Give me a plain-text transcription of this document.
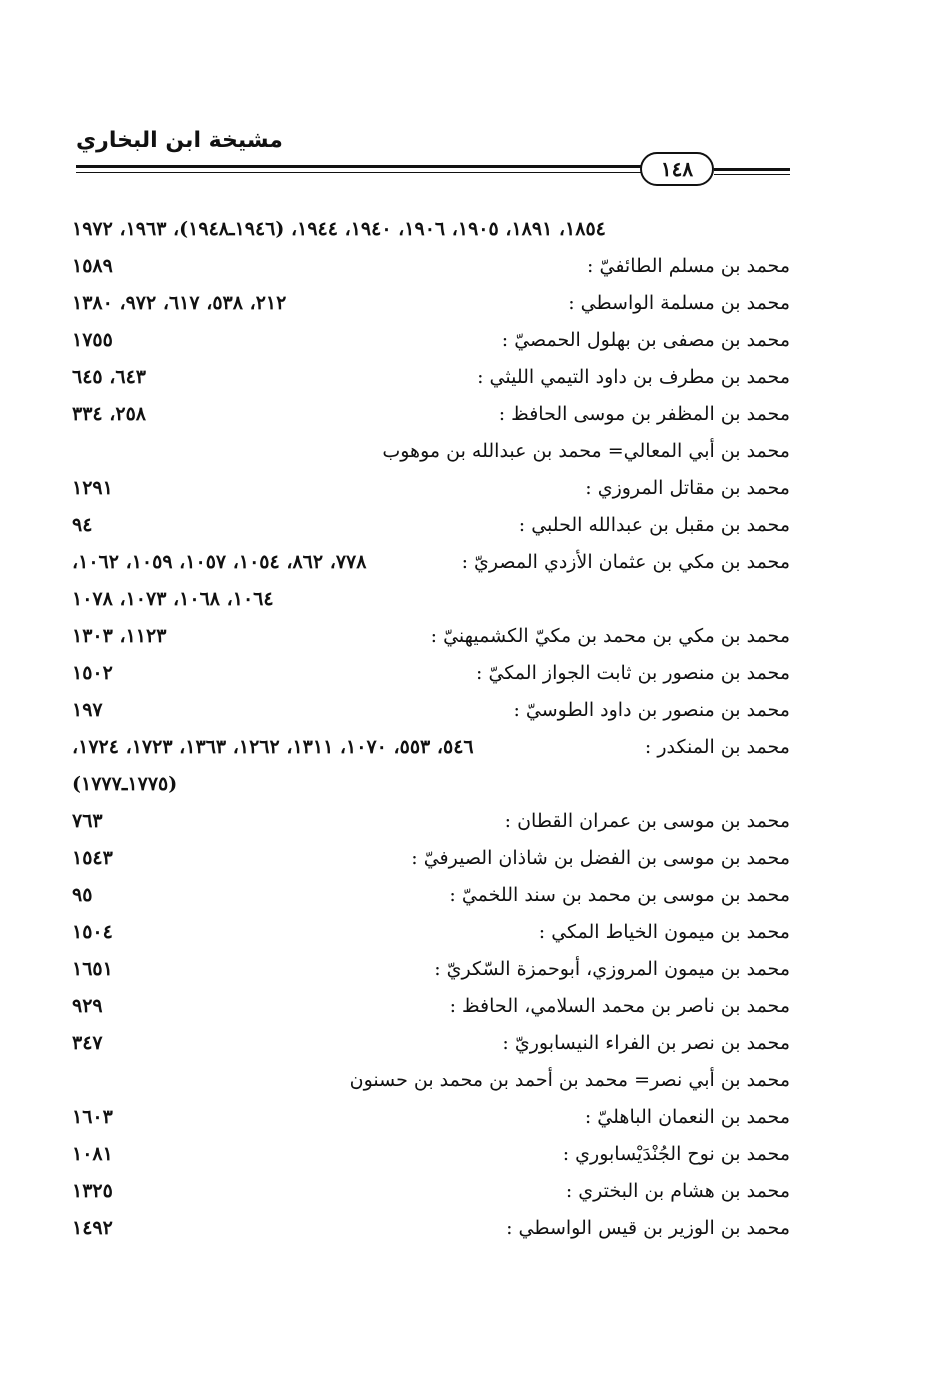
مشيخة ابن البخاري
١٤٨
١٨٥٤، ١٨٩١، ١٩٠٥، ١٩٠٦، ١٩٤٠، ١٩٤٤، (١٩٤٦ـ١٩٤٨)، ١٩٦٣، ١٩٧٢
محمد بن مسلم الطائفيّ :
١٥٨٩
محمد بن مسلمة الواسطي :
٢١٢، ٥٣٨، ٦١٧، ٩٧٢، ١٣٨٠
محمد بن مصفى بن بهلول الحمصيّ :
١٧٥٥
محمد بن مطرف بن داود التيمي الليثي :
٦٤٣، ٦٤٥
محمد بن المظفر بن موسى الحافظ :
٢٥٨، ٣٣٤
محمد بن أبي المعالي= محمد بن عبدالله بن موهوب
محمد بن مقاتل المروزي :
١٢٩١
محمد بن مقبل بن عبدالله الحلبي :
٩٤
محمد بن مكي بن عثمان الأزدي المصريّ :
٧٧٨، ٨٦٢، ١٠٥٤، ١٠٥٧، ١٠٥٩، ١٠٦٢،
١٠٦٤، ١٠٦٨، ١٠٧٣، ١٠٧٨
محمد بن مكي بن محمد بن مكيّ الكشميهنيّ :
١١٢٣، ١٣٠٣
محمد بن منصور بن ثابت الجواز المكيّ :
١٥٠٢
محمد بن منصور بن داود الطوسيّ :
١٩٧
محمد بن المنكدر :
٥٤٦، ٥٥٣، ١٠٧٠، ١٣١١، ١٢٦٢، ١٣٦٣، ١٧٢٣، ١٧٢٤،
(١٧٧٥ـ١٧٧٧)
محمد بن موسى بن عمران القطان :
٧٦٣
محمد بن موسى بن الفضل بن شاذان الصيرفيّ :
١٥٤٣
محمد بن موسى بن محمد بن سند اللخميّ :
٩٥
محمد بن ميمون الخياط المكي :
١٥٠٤
محمد بن ميمون المروزي، أبوحمزة السّكريّ :
١٦٥١
محمد بن ناصر بن محمد السلامي، الحافظ :
٩٢٩
محمد بن نصر بن الفراء النيسابوريّ :
٣٤٧
محمد بن أبي نصر= محمد بن أحمد بن محمد بن حسنون
محمد بن النعمان الباهليّ :
١٦٠٣
محمد بن نوح الجُنْدَيْسابوري :
١٠٨١
محمد بن هشام بن البختري :
١٣٢٥
محمد بن الوزير بن قيس الواسطي :
١٤٩٢
